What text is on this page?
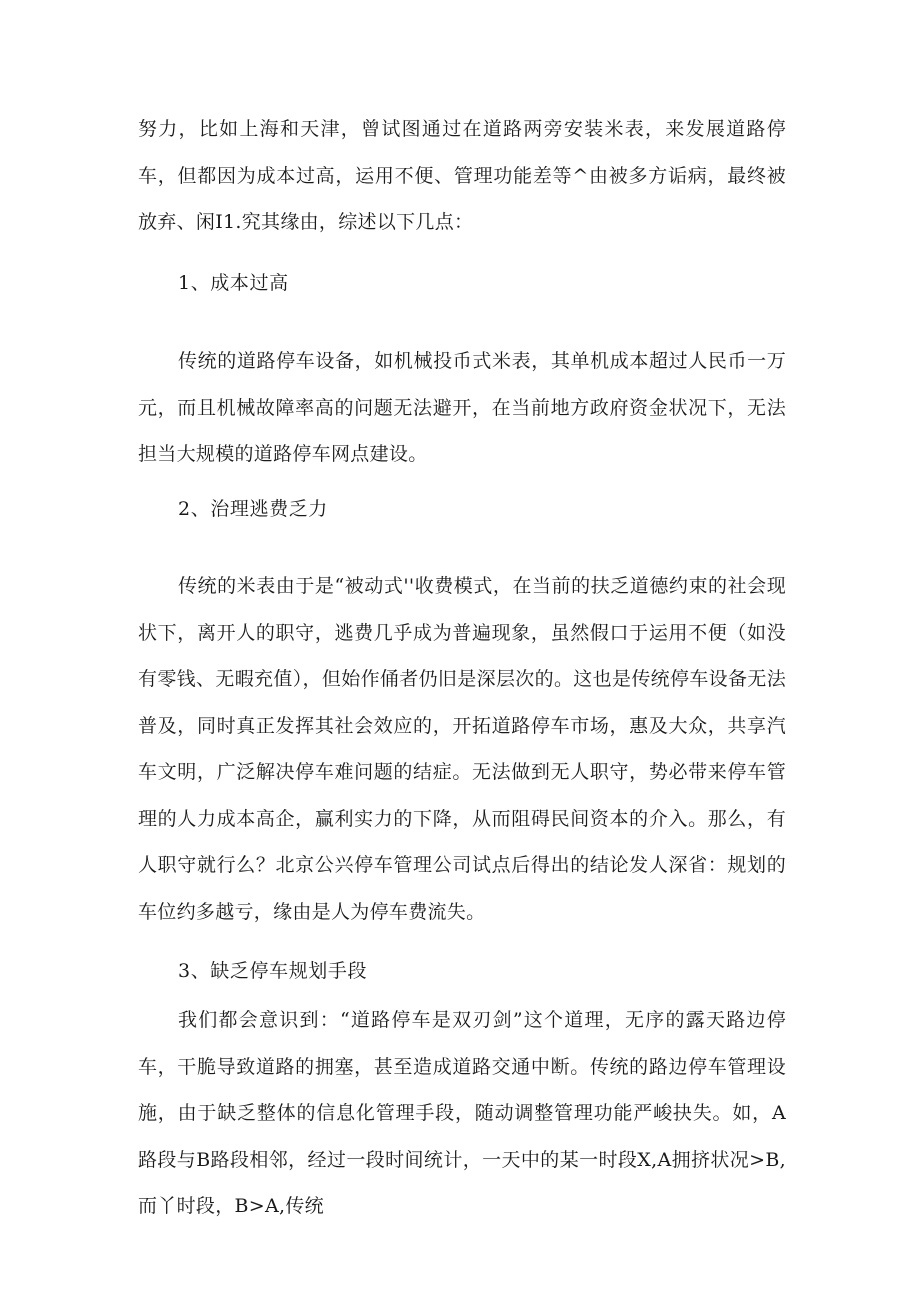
努力，比如上海和天津，曾试图通过在道路两旁安装米表，来发展道路停车，但都因为成本过高，运用不便、管理功能差等^由被多方诟病，最终被放弃、闲I1.究其缘由，综述以下几点：

1、成本过高

传统的道路停车设备，如机械投币式米表，其单机成本超过人民币一万元，而且机械故障率高的问题无法避开，在当前地方政府资金状况下，无法担当大规模的道路停车网点建设。

2、治理逃费乏力

传统的米表由于是“被动式''收费模式，在当前的扶乏道德约束的社会现状下，离开人的职守，逃费几乎成为普遍现象，虽然假口于运用不便（如没有零钱、无暇充值），但始作俑者仍旧是深层次的。这也是传统停车设备无法普及，同时真正发挥其社会效应的，开拓道路停车市场，惠及大众，共享汽车文明，广泛解决停车难问题的结症。无法做到无人职守，势必带来停车管理的人力成本高企，赢利实力的下降，从而阻碍民间资本的介入。那么，有人职守就行么？北京公兴停车管理公司试点后得出的结论发人深省：规划的车位约多越亏，缘由是人为停车费流失。

3、缺乏停车规划手段

我们都会意识到：“道路停车是双刃剑”这个道理，无序的露天路边停车，干脆导致道路的拥塞，甚至造成道路交通中断。传统的路边停车管理设施，由于缺乏整体的信息化管理手段，随动调整管理功能严峻抉失。如，A路段与B路段相邻，经过一段时间统计，一天中的某一时段X,A拥挤状况>B,而丫时段，B>A,传统
